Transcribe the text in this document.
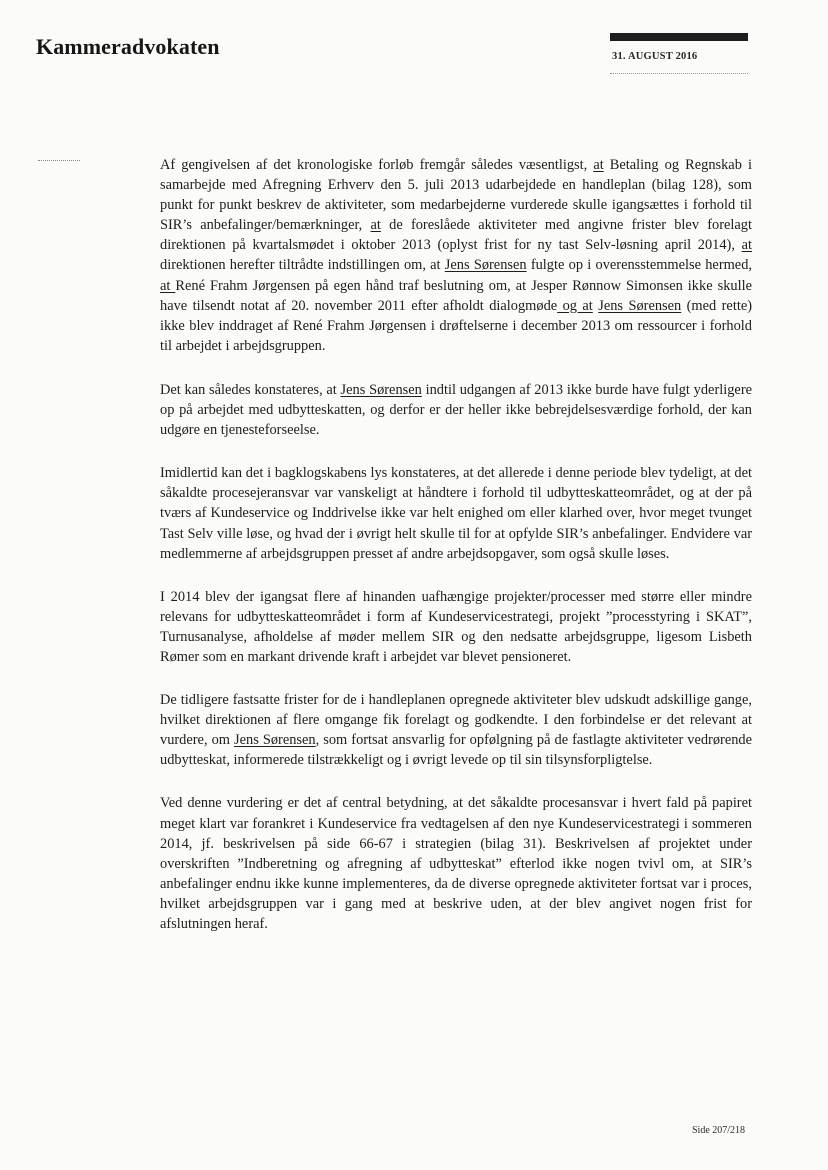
Kammeradvokaten	31. AUGUST 2016

Af gengivelsen af det kronologiske forløb fremgår således væsentligst, at Betaling og Regnskab i samarbejde med Afregning Erhverv den 5. juli 2013 udarbejdede en handleplan (bilag 128), som punkt for punkt beskrev de aktiviteter, som medarbejderne vurderede skulle igangsættes i forhold til SIR’s anbefalinger/bemærkninger, at de foreslåede aktiviteter med angivne frister blev forelagt direktionen på kvartalsmødet i oktober 2013 (oplyst frist for ny tast Selv-løsning april 2014), at direktionen herefter tiltrådte indstillingen om, at Jens Sørensen fulgte op i overensstemmelse hermed, at René Frahm Jørgensen på egen hånd traf beslutning om, at Jesper Rønnow Simonsen ikke skulle have tilsendt notat af 20. november 2011 efter afholdt dialogmøde og at Jens Sørensen (med rette) ikke blev inddraget af René Frahm Jørgensen i drøftelserne i december 2013 om ressourcer i forhold til arbejdet i arbejdsgruppen.

Det kan således konstateres, at Jens Sørensen indtil udgangen af 2013 ikke burde have fulgt yderligere op på arbejdet med udbytteskatten, og derfor er der heller ikke bebrejdelsesværdige forhold, der kan udgøre en tjenesteforseelse.

Imidlertid kan det i bagklogskabens lys konstateres, at det allerede i denne periode blev tydeligt, at det såkaldte procesejeransvar var vanskeligt at håndtere i forhold til udbytteskatteområdet, og at der på tværs af Kundeservice og Inddrivelse ikke var helt enighed om eller klarhed over, hvor meget tvunget Tast Selv ville løse, og hvad der i øvrigt helt skulle til for at opfylde SIR’s anbefalinger. Endvidere var medlemmerne af arbejdsgruppen presset af andre arbejdsopgaver, som også skulle løses.

I 2014 blev der igangsat flere af hinanden uafhængige projekter/processer med større eller mindre relevans for udbytteskatteområdet i form af Kundeservicestrategi, projekt ”processtyring i SKAT”, Turnusanalyse, afholdelse af møder mellem SIR og den nedsatte arbejdsgruppe, ligesom Lisbeth Rømer som en markant drivende kraft i arbejdet var blevet pensioneret.

De tidligere fastsatte frister for de i handleplanen opregnede aktiviteter blev udskudt adskillige gange, hvilket direktionen af flere omgange fik forelagt og godkendte. I den forbindelse er det relevant at vurdere, om Jens Sørensen, som fortsat ansvarlig for opfølgning på de fastlagte aktiviteter vedrørende udbytteskat, informerede tilstrækkeligt og i øvrigt levede op til sin tilsynsforpligtelse.

Ved denne vurdering er det af central betydning, at det såkaldte procesansvar i hvert fald på papiret meget klart var forankret i Kundeservice fra vedtagelsen af den nye Kundeservicestrategi i sommeren 2014, jf. beskrivelsen på side 66-67 i strategien (bilag 31). Beskrivelsen af projektet under overskriften ”Indberetning og afregning af udbytteskat” efterlod ikke nogen tvivl om, at SIR’s anbefalinger endnu ikke kunne implementeres, da de diverse opregnede aktiviteter fortsat var i proces, hvilket arbejdsgruppen var i gang med at beskrive uden, at der blev angivet nogen frist for afslutningen heraf.

Side 207/218
